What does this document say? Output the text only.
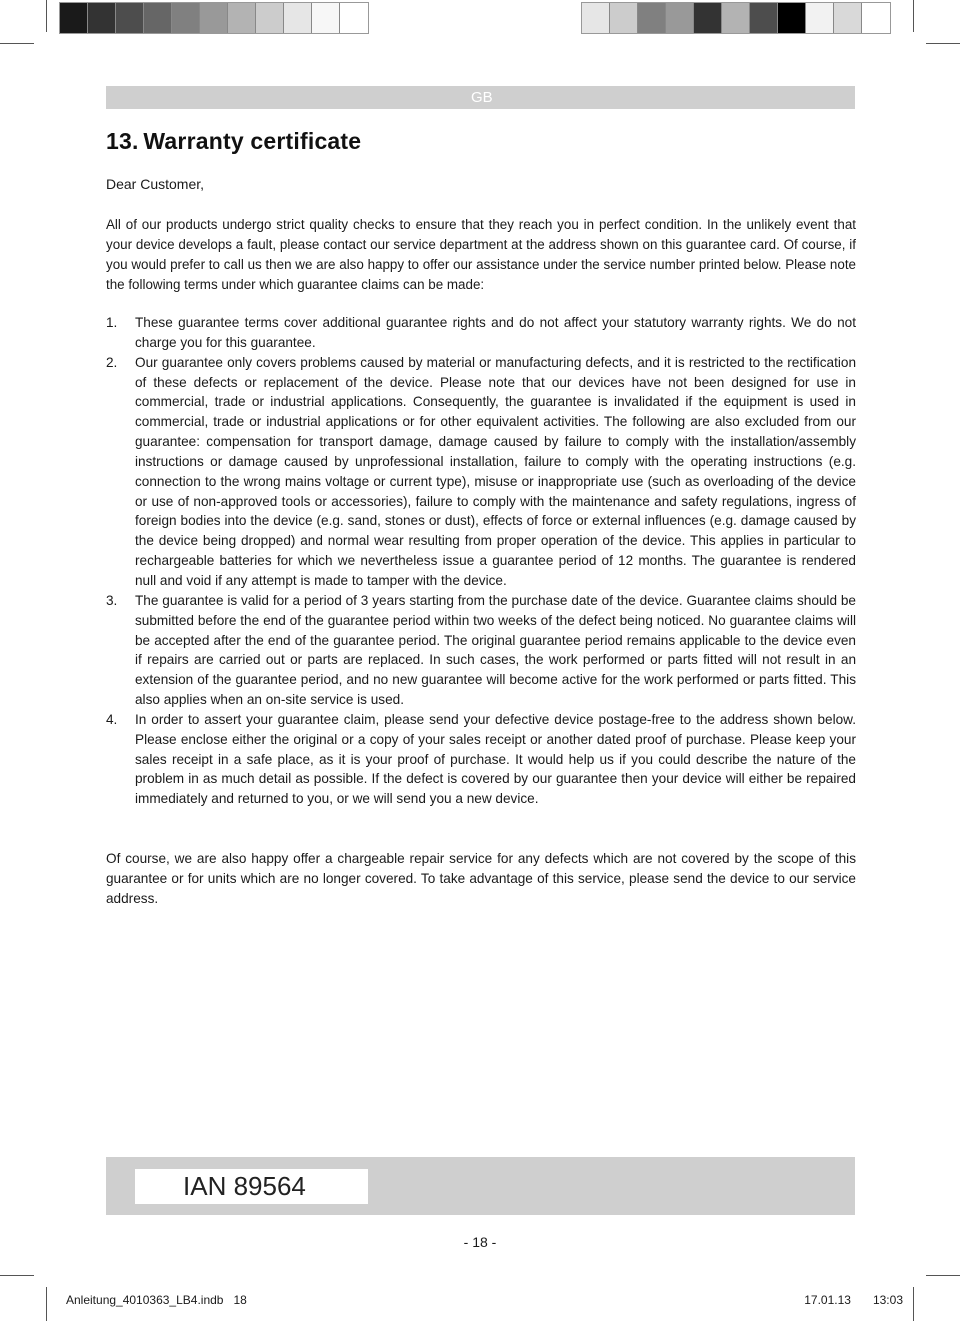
GB
13. Warranty certificate
Dear Customer,

All of our products undergo strict quality checks to ensure that they reach you in perfect condition. In the unlikely event that your device develops a fault, please contact our service department at the address shown on this guarantee card. Of course, if you would prefer to call us then we are also happy to offer our assistance under the service number printed below. Please note the following terms under which guarantee claims can be made:

1. These guarantee terms cover additional guarantee rights and do not affect your statutory warranty rights. We do not charge you for this guarantee.
2. Our guarantee only covers problems caused by material or manufacturing defects, and it is restricted to the rectification of these defects or replacement of the device. Please note that our devices have not been designed for use in commercial, trade or industrial applications. Consequently, the guarantee is invalidated if the equipment is used in commercial, trade or industrial applications or for other equivalent activities. The following are also excluded from our guarantee: compensation for transport damage, damage caused by failure to comply with the installation/assembly instructions or damage caused by unprofessional installation, failure to comply with the operating instructions (e.g. connection to the wrong mains voltage or current type), misuse or inappropriate use (such as overloading of the device or use of non-approved tools or accessories), failure to comply with the maintenance and safety regulations, ingress of foreign bodies into the device (e.g. sand, stones or dust), effects of force or external influences (e.g. damage caused by the device being dropped) and normal wear resulting from proper operation of the device. This applies in particular to rechargeable batteries for which we nevertheless issue a guarantee period of 12 months. The guarantee is rendered null and void if any attempt is made to tamper with the device.
3. The guarantee is valid for a period of 3 years starting from the purchase date of the device. Guarantee claims should be submitted before the end of the guarantee period within two weeks of the defect being noticed. No guarantee claims will be accepted after the end of the guarantee period. The original guarantee period remains applicable to the device even if repairs are carried out or parts are replaced. In such cases, the work performed or parts fitted will not result in an extension of the guarantee period, and no new guarantee will become active for the work performed or parts fitted. This also applies when an on-site service is used.
4. In order to assert your guarantee claim, please send your defective device postage-free to the address shown below. Please enclose either the original or a copy of your sales receipt or another dated proof of purchase. Please keep your sales receipt in a safe place, as it is your proof of purchase. It would help us if you could describe the nature of the problem in as much detail as possible. If the defect is covered by our guarantee then your device will either be repaired immediately and returned to you, or we will send you a new device.

Of course, we are also happy offer a chargeable repair service for any defects which are not covered by the scope of this guarantee or for units which are no longer covered. To take advantage of this service, please send the device to our service address.

IAN 89564
- 18 -
Anleitung_4010363_LB4.indb   18	17.01.13   13:03
